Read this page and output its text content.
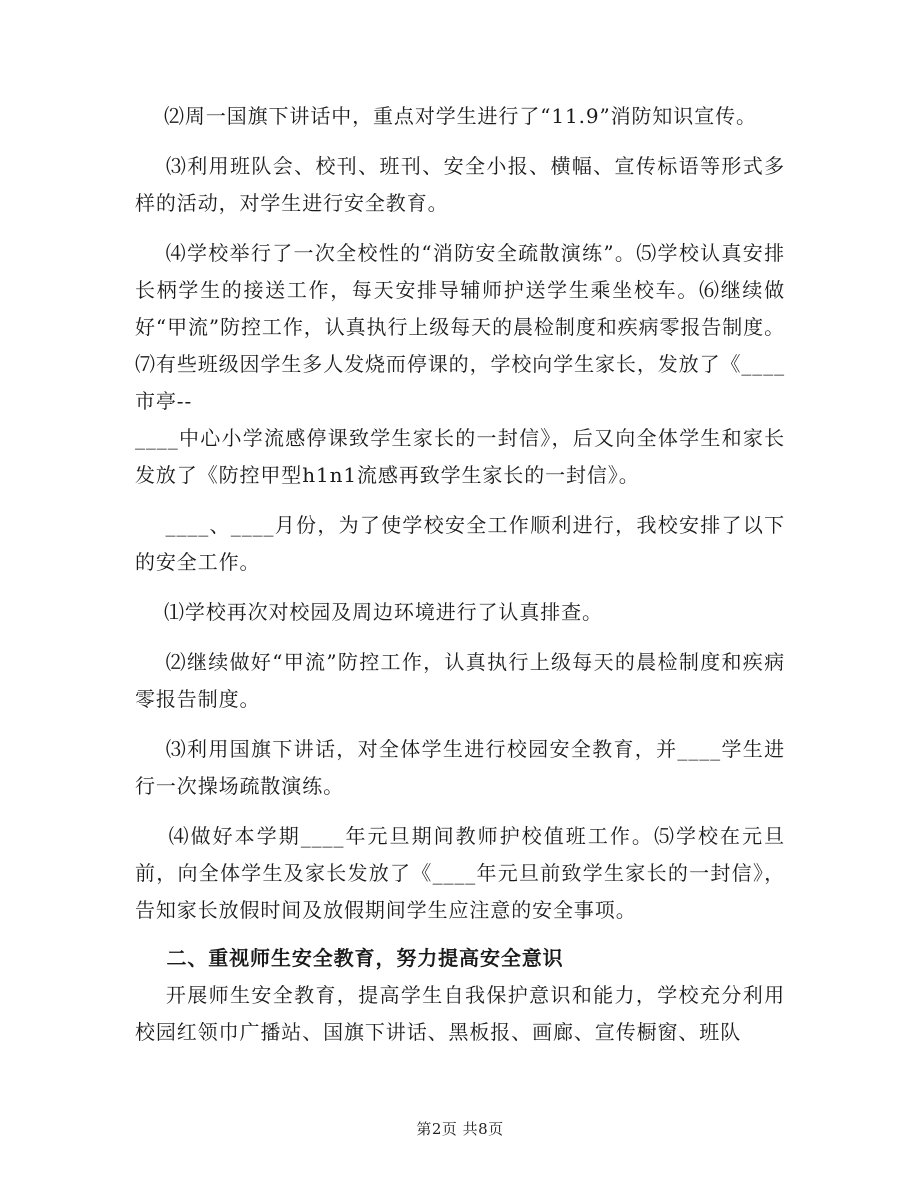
⑵周一国旗下讲话中，重点对学生进行了“11.9”消防知识宣传。

⑶利用班队会、校刊、班刊、安全小报、横幅、宣传标语等形式多样的活动，对学生进行安全教育。

⑷学校举行了一次全校性的“消防安全疏散演练”。⑸学校认真安排长柄学生的接送工作，每天安排导辅师护送学生乘坐校车。⑹继续做好“甲流”防控工作，认真执行上级每天的晨检制度和疾病零报告制度。⑺有些班级因学生多人发烧而停课的，学校向学生家长，发放了《____市亭--
____中心小学流感停课致学生家长的一封信》，后又向全体学生和家长发放了《防控甲型h1n1流感再致学生家长的一封信》。

____、____月份，为了使学校安全工作顺利进行，我校安排了以下的安全工作。

⑴学校再次对校园及周边环境进行了认真排查。

⑵继续做好“甲流”防控工作，认真执行上级每天的晨检制度和疾病零报告制度。

⑶利用国旗下讲话，对全体学生进行校园安全教育，并____学生进行一次操场疏散演练。

⑷做好本学期____年元旦期间教师护校值班工作。⑸学校在元旦前，向全体学生及家长发放了《____年元旦前致学生家长的一封信》，告知家长放假时间及放假期间学生应注意的安全事项。

二、重视师生安全教育，努力提高安全意识

开展师生安全教育，提高学生自我保护意识和能力，学校充分利用校园红领巾广播站、国旗下讲话、黑板报、画廊、宣传橱窗、班队

第2页 共8页
